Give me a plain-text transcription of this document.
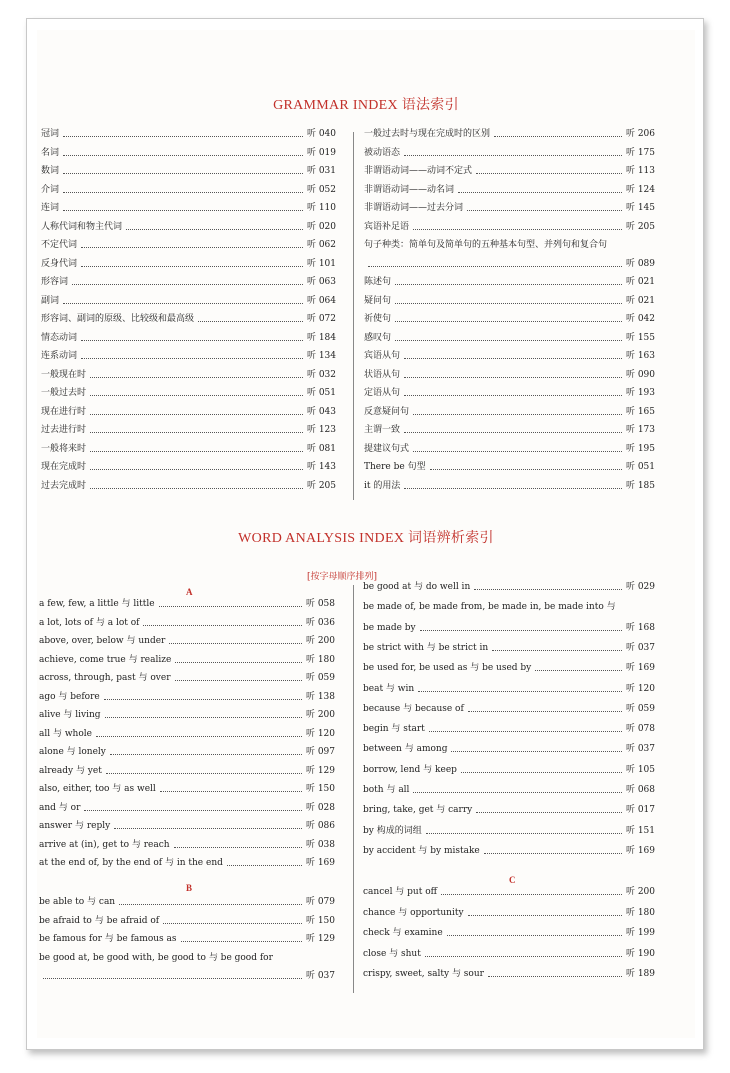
GRAMMAR INDEX 语法索引
冠词	听 040
名词	听 019
数词	听 031
介词	听 052
连词	听 110
人称代词和物主代词	听 020
不定代词	听 062
反身代词	听 101
形容词	听 063
副词	听 064
形容词、副词的原级、比较级和最高级	听 072
情态动词	听 184
连系动词	听 134
一般现在时	听 032
一般过去时	听 051
现在进行时	听 043
过去进行时	听 123
一般将来时	听 081
现在完成时	听 143
过去完成时	听 205
一般过去时与现在完成时的区别	听 206
被动语态	听 175
非谓语动词——动词不定式	听 113
非谓语动词——动名词	听 124
非谓语动词——过去分词	听 145
宾语补足语	听 205
句子种类：简单句及简单句的五种基本句型、并列句和复合句
听 089
陈述句	听 021
疑问句	听 021
祈使句	听 042
感叹句	听 155
宾语从句	听 163
状语从句	听 090
定语从句	听 193
反意疑问句	听 165
主谓一致	听 173
提建议句式	听 195
There be 句型	听 051
it 的用法	听 185
WORD ANALYSIS INDEX 词语辨析索引
[按字母顺序排列]
A
a few, few, a little 与 little	听 058
a lot, lots of 与 a lot of	听 036
above, over, below 与 under	听 200
achieve, come true 与 realize	听 180
across, through, past 与 over	听 059
ago 与 before	听 138
alive 与 living	听 200
all 与 whole	听 120
alone 与 lonely	听 097
already 与 yet	听 129
also, either, too 与 as well	听 150
and 与 or	听 028
answer 与 reply	听 086
arrive at (in), get to 与 reach	听 038
at the end of, by the end of 与 in the end	听 169
B
be able to 与 can	听 079
be afraid to 与 be afraid of	听 150
be famous for 与 be famous as	听 129
be good at, be good with, be good to 与 be good for
听 037
be good at 与 do well in	听 029
be made of, be made from, be made in, be made into 与
be made by	听 168
be strict with 与 be strict in	听 037
be used for, be used as 与 be used by	听 169
beat 与 win	听 120
because 与 because of	听 059
begin 与 start	听 078
between 与 among	听 037
borrow, lend 与 keep	听 105
both 与 all	听 068
bring, take, get 与 carry	听 017
by 构成的词组	听 151
by accident 与 by mistake	听 169
C
cancel 与 put off	听 200
chance 与 opportunity	听 180
check 与 examine	听 199
close 与 shut	听 190
crispy, sweet, salty 与 sour	听 189
